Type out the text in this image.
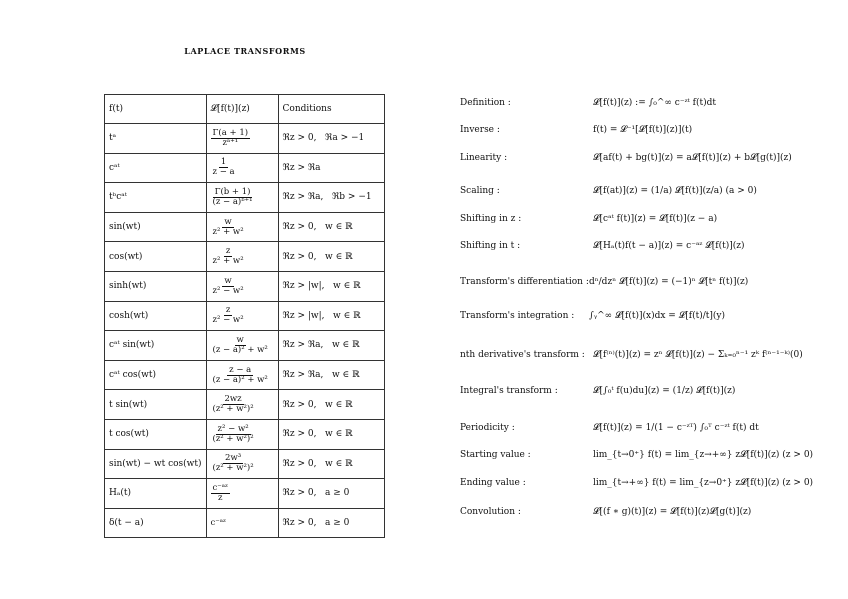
LAPLACE TRANSFORMS
f(t)	𝓛[f(t)](z)	Conditions
tᵃ	$\frac{\Gamma(a + 1)}{\text{zᵃ⁺¹}}$	ℜz > 0,   ℜa > −1
cᵃᵗ	$\frac{1}{z - a}$	ℜz > ℜa
tᵇcᵃᵗ	$\frac{\Gamma(b + 1)}{\text{(z − a)ᵇ⁺¹}}$	ℜz > ℜa,   ℜb > −1
sin(wt)	$\frac{w}{\text{z² + w²}}$	ℜz > 0,   w ∈ ℝ
cos(wt)	$\frac{z}{\text{z² + w²}}$	ℜz > 0,   w ∈ ℝ
sinh(wt)	$\frac{w}{\text{z² − w²}}$	ℜz > |w|,   w ∈ ℝ
cosh(wt)	$\frac{z}{\text{z² − w²}}$	ℜz > |w|,   w ∈ ℝ
cᵃᵗ sin(wt)	$\frac{w}{\text{(z − a)² + w²}}$	ℜz > ℜa,   w ∈ ℝ
cᵃᵗ cos(wt)	$\frac{z - a}{\text{(z − a)² + w²}}$	ℜz > ℜa,   w ∈ ℝ
t sin(wt)	$\frac{2wz}{\text{(z² + w²)²}}$	ℜz > 0,   w ∈ ℝ
t cos(wt)	$\frac{\text{z² − w²}}{\text{(z² + w²)²}}$	ℜz > 0,   w ∈ ℝ
sin(wt) − wt cos(wt)	$\frac{\text{2w³}}{\text{(z² + w²)²}}$	ℜz > 0,   w ∈ ℝ
Hₐ(t)	$\frac{\text{c⁻ᵃᶻ}}{z}$	ℜz > 0,   a ≥ 0
δ(t − a)	c⁻ᵃᶻ	ℜz > 0,   a ≥ 0
Definition :	𝓛[f(t)](z) := ∫₀^∞ c⁻ᶻᵗ f(t)dt
Inverse :	f(t) = 𝓛⁻¹[𝓛[f(t)](z)](t)
Linearity :	𝓛[af(t) + bg(t)](z) = a𝓛[f(t)](z) + b𝓛[g(t)](z)
Scaling :	𝓛[f(at)](z) = (1/a) 𝓛[f(t)](z/a) (a > 0)
Shifting in z :	𝓛[cᵃᵗ f(t)](z) = 𝓛[f(t)](z − a)
Shifting in t :	𝓛[Hₐ(t)f(t − a)](z) = c⁻ᵃᶻ 𝓛[f(t)](z)
Transform's differentiation : dⁿ/dzⁿ 𝓛[f(t)](z) = (−1)ⁿ 𝓛[tⁿ f(t)](z)
Transform's integration : ∫ᵧ^∞ 𝓛[f(t)](x)dx = 𝓛[f(t)/t](y)
nth derivative's transform : 𝓛[f⁽ⁿ⁾(t)](z) = zⁿ 𝓛[f(t)](z) − Σₖ₌₀ⁿ⁻¹ zᵏ f⁽ⁿ⁻¹⁻ᵏ⁾(0)
Integral's transform :	𝓛[∫₀ᵗ f(u)du](z) = (1/z) 𝓛[f(t)](z)
Periodicity :	𝓛[f(t)](z) = 1/(1 − c⁻ᶻᵀ) ∫₀ᵀ c⁻ᶻᵗ f(t) dt
Starting value :	lim_{t→0⁺} f(t) = lim_{z→+∞} z𝓛[f(t)](z) (z > 0)
Ending value :	lim_{t→+∞} f(t) = lim_{z→0⁺} z𝓛[f(t)](z) (z > 0)
Convolution :	𝓛[(f ∗ g)(t)](z) = 𝓛[f(t)](z)𝓛[g(t)](z)
